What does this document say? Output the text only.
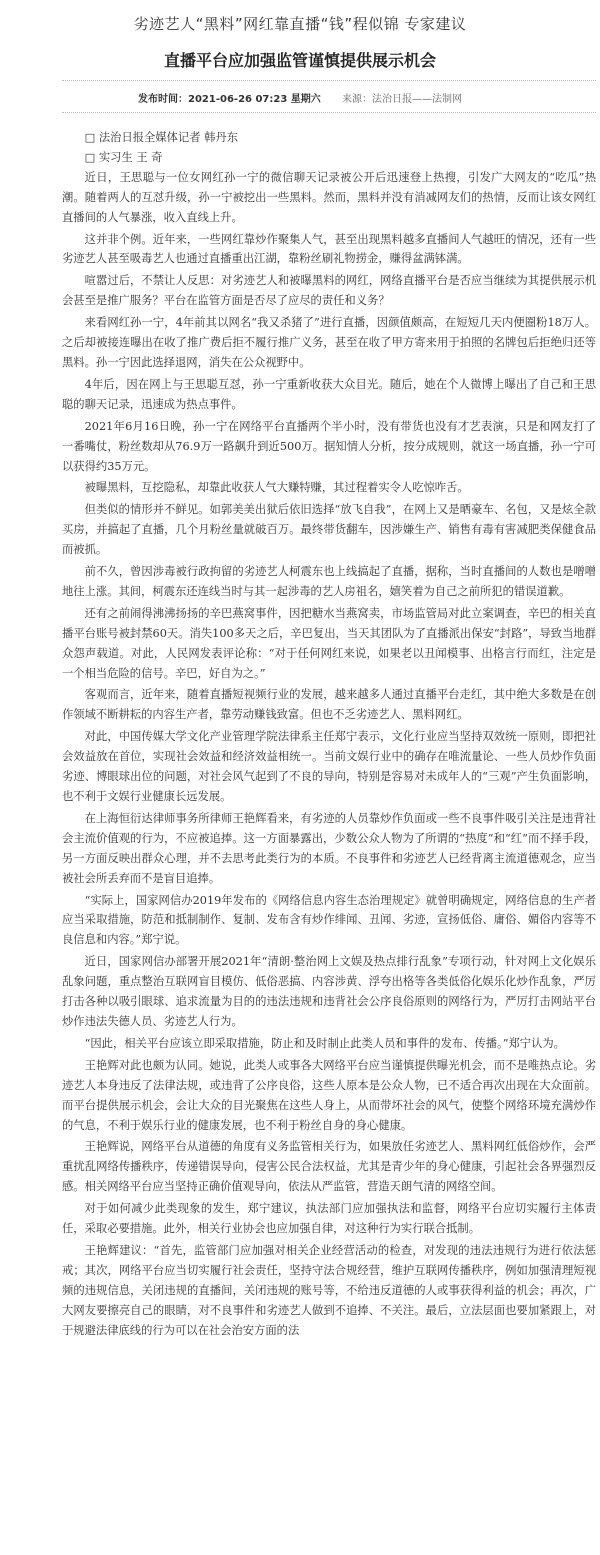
劣迹艺人“黑料”网红靠直播“钱”程似锦 专家建议
直播平台应加强监管谨慎提供展示机会
发布时间：2021-06-26 07:23 星期六 来源：法治日报——法制网

□ 法治日报全媒体记者 韩丹东

□ 实习生 王 奇

近日，王思聪与一位女网红孙一宁的微信聊天记录被公开后迅速登上热搜，引发广大网友的“吃瓜”热潮。随着两人的互怼升级，孙一宁被挖出一些黑料。然而，黑料并没有消减网友们的热情，反而让该女网红直播间的人气暴涨，收入直线上升。

这并非个例。近年来，一些网红靠炒作聚集人气，甚至出现黑料越多直播间人气越旺的情况，还有一些劣迹艺人甚至吸毒艺人也通过直播重出江湖，靠粉丝刷礼物捞金，赚得盆满钵满。

喧嚣过后，不禁让人反思：对劣迹艺人和被曝黑料的网红，网络直播平台是否应当继续为其提供展示机会甚至是推广服务？平台在监管方面是否尽了应尽的责任和义务？

来看网红孙一宁，4年前其以网名“我又杀猪了”进行直播，因颜值颇高，在短短几天内便圈粉18万人。之后却被接连曝出在收了推广费后拒不履行推广义务，甚至在收了甲方寄来用于拍照的名牌包后拒绝归还等黑料。孙一宁因此选择退网，消失在公众视野中。

4年后，因在网上与王思聪互怼，孙一宁重新收获大众目光。随后，她在个人微博上曝出了自己和王思聪的聊天记录，迅速成为热点事件。

2021年6月16日晚，孙一宁在网络平台直播两个半小时，没有带货也没有才艺表演，只是和网友打了一番嘴仗，粉丝数却从76.9万一路飙升到近500万。据知情人分析，按分成规则，就这一场直播，孙一宁可以获得约35万元。

被曝黑料，互挖隐私，却靠此收获人气大赚特赚，其过程着实令人吃惊咋舌。

但类似的情形并不鲜见。如郭美美出狱后依旧选择“放飞自我”，在网上又是晒豪车、名包，又是炫全款买房，并搞起了直播，几个月粉丝量就破百万。最终带货翻车，因涉嫌生产、销售有毒有害减肥类保健食品而被抓。

前不久，曾因涉毒被行政拘留的劣迹艺人柯震东也上线搞起了直播，据称，当时直播间的人数也是噌噌地往上涨。其间，柯震东还连线当时与其一起涉毒的艺人房祖名，嬉笑着为自己之前所犯的错误道歉。

还有之前闹得沸沸扬扬的辛巴燕窝事件，因把糖水当燕窝卖，市场监管局对此立案调查，辛巴的相关直播平台账号被封禁60天。消失100多天之后，辛巴复出，当天其团队为了直播派出保安“封路”，导致当地群众怨声载道。对此，人民网发表评论称：“对于任何网红来说，如果老以丑闻模事、出格言行而红，注定是一个相当危险的信号。辛巴，好自为之。”

客观而言，近年来，随着直播短视频行业的发展，越来越多人通过直播平台走红，其中绝大多数是在创作领域不断耕耘的内容生产者，靠劳动赚钱致富。但也不乏劣迹艺人、黑料网红。

对此，中国传媒大学文化产业管理学院法律系主任郑宁表示，文化行业应当坚持双效统一原则，即把社会效益放在首位，实现社会效益和经济效益相统一。当前文娱行业中的确存在唯流量论、一些人员炒作负面劣迹、博眼球出位的问题，对社会风气起到了不良的导向，特别是容易对未成年人的“三观”产生负面影响，也不利于文娱行业健康长远发展。

在上海恒衍达律师事务所律师王艳辉看来，有劣迹的人员靠炒作负面或一些不良事件吸引关注是违背社会主流价值观的行为，不应被追捧。这一方面暴露出，少数公众人物为了所谓的“热度”和“红”而不择手段，另一方面反映出群众心理，并不去思考此类行为的本质。不良事件和劣迹艺人已经背离主流道德观念，应当被社会所丢弃而不是盲目追捧。

“实际上，国家网信办2019年发布的《网络信息内容生态治理规定》就曾明确规定，网络信息的生产者应当采取措施，防范和抵制制作、复制、发布含有炒作绯闻、丑闻、劣迹，宣扬低俗、庸俗、媚俗内容等不良信息和内容。”郑宁说。

近日，国家网信办部署开展2021年“清朗·整治网上文娱及热点排行乱象”专项行动，针对网上文化娱乐乱象问题，重点整治互联网盲目模仿、低俗恶搞、内容涉黄、浮夸出格等各类低俗化娱乐化炒作乱象，严厉打击各种以吸引眼球、追求流量为目的的违法违规和违背社会公序良俗原则的网络行为，严厉打击网站平台炒作违法失德人员、劣迹艺人行为。

“因此，相关平台应该立即采取措施，防止和及时制止此类人员和事件的发布、传播。”郑宁认为。

王艳辉对此也颇为认同。她说，此类人或事各大网络平台应当谨慎提供曝光机会，而不是唯热点论。劣迹艺人本身违反了法律法规，或违背了公序良俗，这些人原本是公众人物，已不适合再次出现在大众面前。而平台提供展示机会，会让大众的目光聚焦在这些人身上，从而带坏社会的风气，使整个网络环境充满炒作的气息，不利于娱乐行业的健康发展，也不利于粉丝自身的身心健康。

王艳辉说，网络平台从道德的角度有义务监管相关行为，如果放任劣迹艺人、黑料网红低俗炒作，会严重扰乱网络传播秩序，传递错误导向，侵害公民合法权益，尤其是青少年的身心健康，引起社会各界强烈反感。相关网络平台应当坚持正确价值观导向，依法从严监管，营造天朗气清的网络空间。

对于如何减少此类现象的发生，郑宁建议，执法部门应加强执法和监督，网络平台应切实履行主体责任，采取必要措施。此外，相关行业协会也应加强自律，对这种行为实行联合抵制。

王艳辉建议：“首先，监管部门应加强对相关企业经营活动的检查，对发现的违法违规行为进行依法惩戒；其次，网络平台应当切实履行社会责任，坚持守法合规经营，维护互联网传播秩序，例如加强清理短视频的违规信息，关闭违规的直播间，关闭违规的账号等，不给违反道德的人或事获得利益的机会；再次，广大网友要擦亮自己的眼睛，对不良事件和劣迹艺人做到不追捧、不关注。最后，立法层面也要加紧跟上，对于规避法律底线的行为可以在社会治安方面的法
